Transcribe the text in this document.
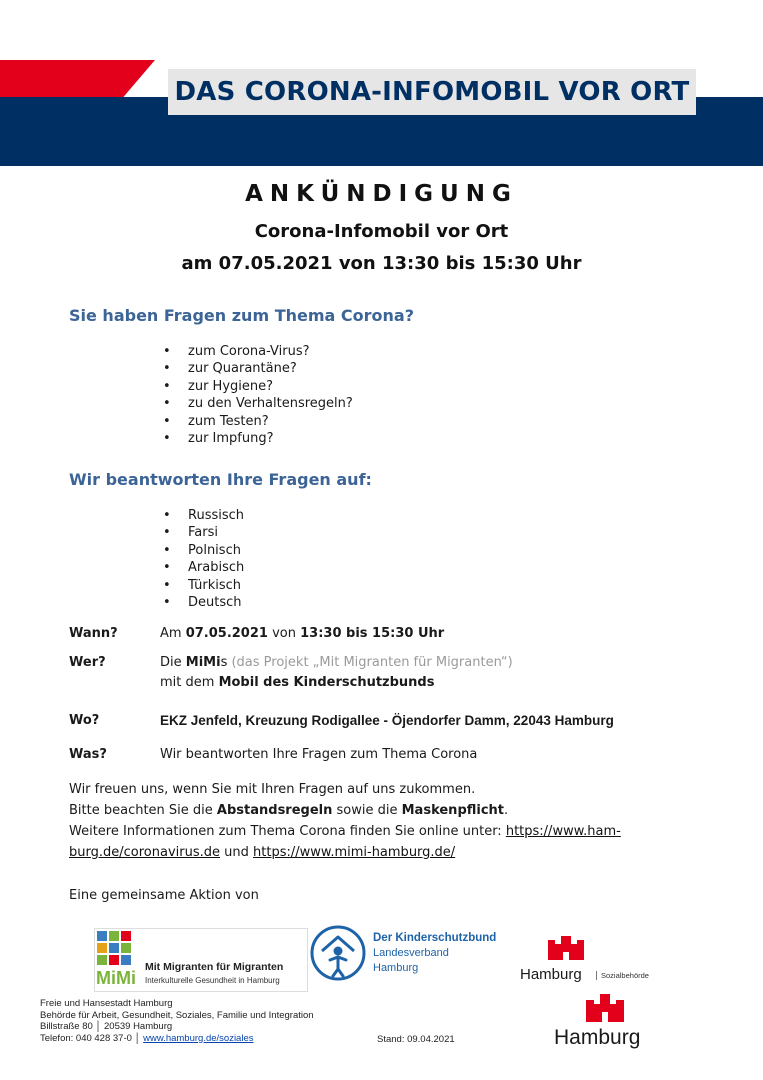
DAS CORONA-INFOMOBIL VOR ORT
ANKÜNDIGUNG
Corona-Infomobil vor Ort
am 07.05.2021 von 13:30 bis 15:30 Uhr
Sie haben Fragen zum Thema Corona?
• zum Corona-Virus?
• zur Quarantäne?
• zur Hygiene?
• zu den Verhaltensregeln?
• zum Testen?
• zur Impfung?
Wir beantworten Ihre Fragen auf:
• Russisch
• Farsi
• Polnisch
• Arabisch
• Türkisch
• Deutsch
Wann?	Am 07.05.2021 von 13:30 bis 15:30 Uhr
Wer?	Die MiMis (das Projekt „Mit Migranten für Migranten“)
mit dem Mobil des Kinderschutzbunds
Wo?	EKZ Jenfeld, Kreuzung Rodigallee - Öjendorfer Damm, 22043 Hamburg
Was?	Wir beantworten Ihre Fragen zum Thema Corona
Wir freuen uns, wenn Sie mit Ihren Fragen auf uns zukommen.
Bitte beachten Sie die Abstandsregeln sowie die Maskenpflicht.
Weitere Informationen zum Thema Corona finden Sie online unter: https://www.ham-
burg.de/coronavirus.de und https://www.mimi-hamburg.de/
Eine gemeinsame Aktion von
MiMi
Mit Migranten für Migranten
Interkulturelle Gesundheit in Hamburg
Der Kinderschutzbund
Landesverband
Hamburg	Hamburg	Sozialbehörde
Hamburg
Freie und Hansestadt Hamburg
Behörde für Arbeit, Gesundheit, Soziales, Familie und Integration
Billstraße 80 │ 20539 Hamburg
Telefon: 040 428 37-0 │ www.hamburg.de/soziales	Stand: 09.04.2021
